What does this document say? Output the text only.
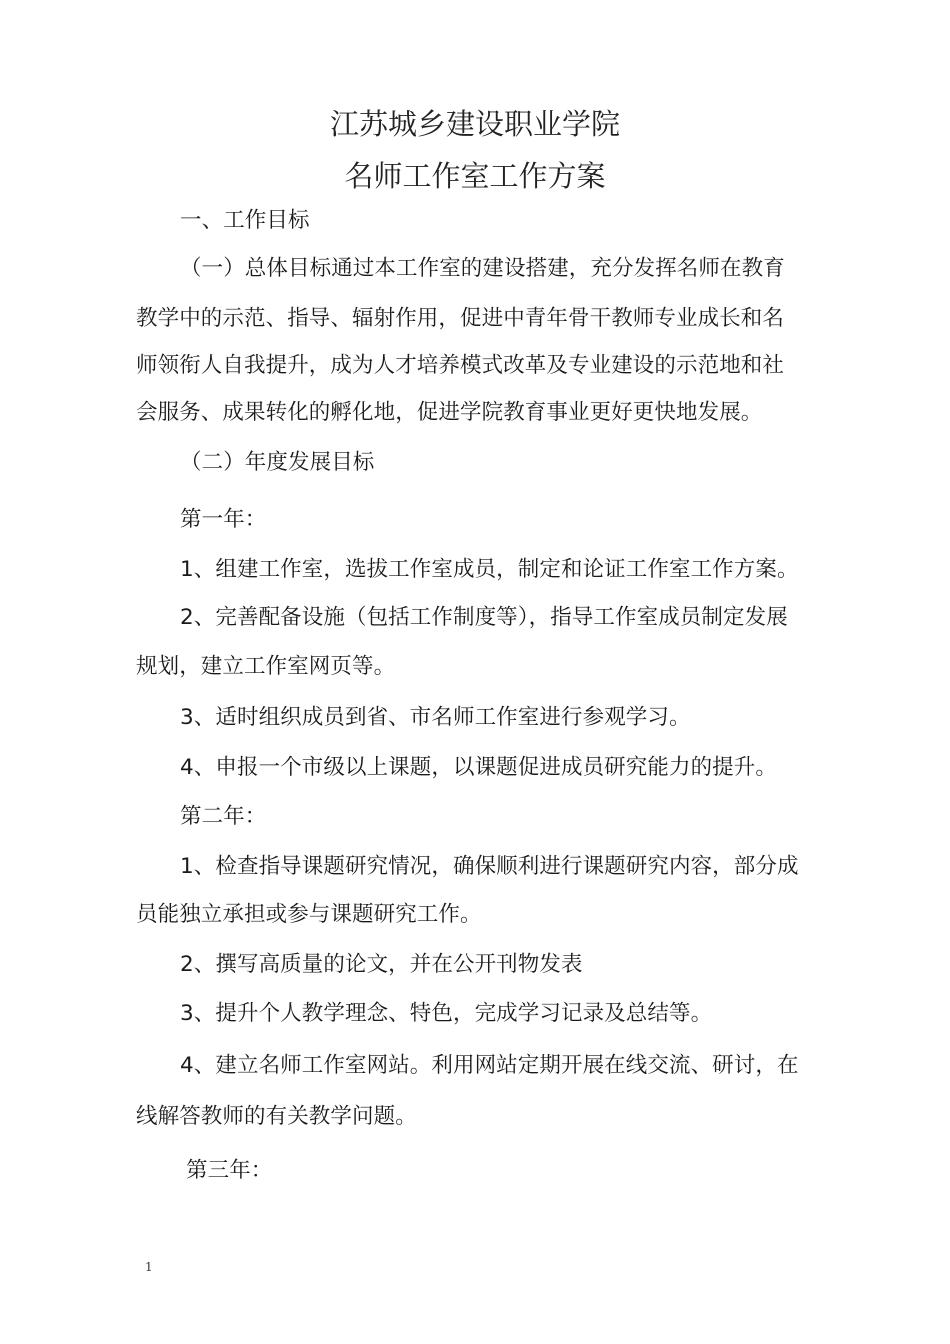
江苏城乡建设职业学院
名师工作室工作方案
一、工作目标
（一）总体目标通过本工作室的建设搭建，充分发挥名师在教育
教学中的示范、指导、辐射作用，促进中青年骨干教师专业成长和名
师领衔人自我提升，成为人才培养模式改革及专业建设的示范地和社
会服务、成果转化的孵化地，促进学院教育事业更好更快地发展。
（二）年度发展目标
第一年：
1、组建工作室，选拔工作室成员，制定和论证工作室工作方案。
2、完善配备设施（包括工作制度等），指导工作室成员制定发展
规划，建立工作室网页等。
3、适时组织成员到省、市名师工作室进行参观学习。
4、申报一个市级以上课题，以课题促进成员研究能力的提升。
第二年：
1、检查指导课题研究情况，确保顺利进行课题研究内容，部分成
员能独立承担或参与课题研究工作。
2、撰写高质量的论文，并在公开刊物发表
3、提升个人教学理念、特色，完成学习记录及总结等。
4、建立名师工作室网站。利用网站定期开展在线交流、研讨，在
线解答教师的有关教学问题。
第三年：
1
